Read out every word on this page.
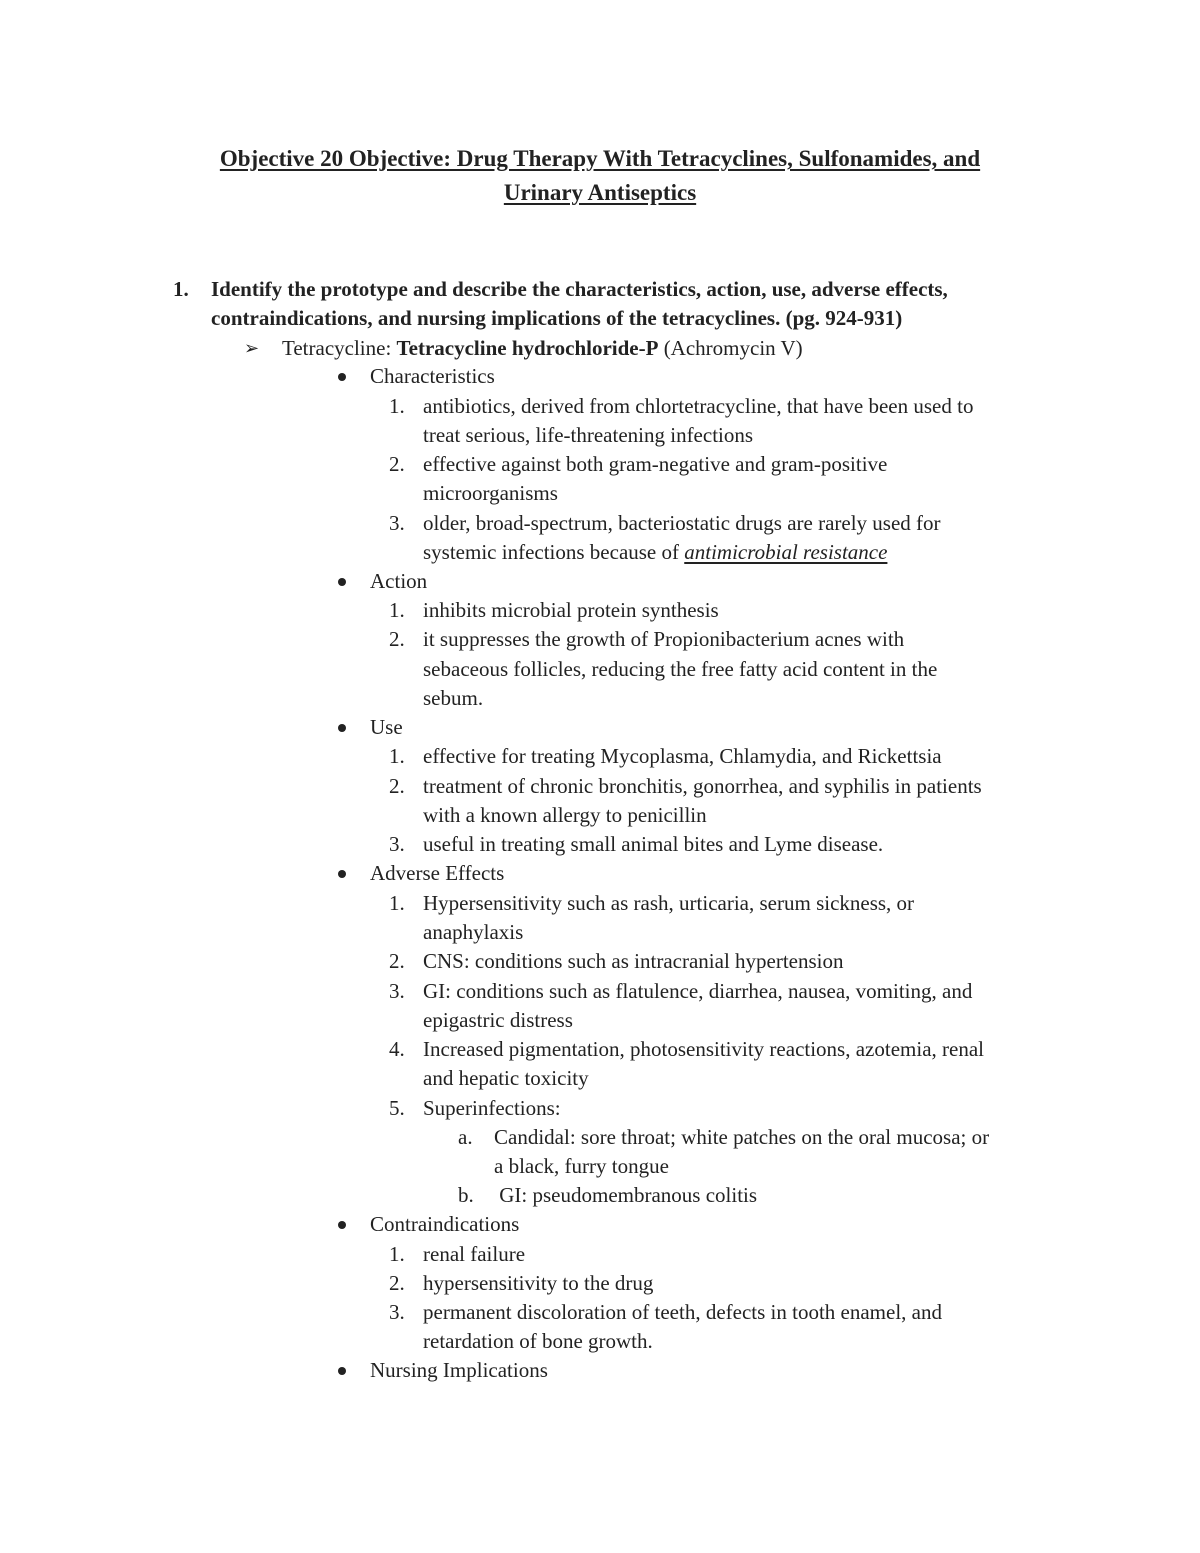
Objective 20 Objective: Drug Therapy With Tetracyclines, Sulfonamides, and
Urinary Antiseptics
1. Identify the prototype and describe the characteristics, action, use, adverse effects,
contraindications, and nursing implications of the tetracyclines. (pg. 924-931)
➢ Tetracycline: Tetracycline hydrochloride-P (Achromycin V)
Characteristics
1. antibiotics, derived from chlortetracycline, that have been used to
treat serious, life-threatening infections
2. effective against both gram-negative and gram-positive
microorganisms
3. older, broad-spectrum, bacteriostatic drugs are rarely used for
systemic infections because of antimicrobial resistance
Action
1. inhibits microbial protein synthesis
2. it suppresses the growth of Propionibacterium acnes with
sebaceous follicles, reducing the free fatty acid content in the
sebum.
Use
1. effective for treating Mycoplasma, Chlamydia, and Rickettsia
2. treatment of chronic bronchitis, gonorrhea, and syphilis in patients
with a known allergy to penicillin
3. useful in treating small animal bites and Lyme disease.
Adverse Effects
1. Hypersensitivity such as rash, urticaria, serum sickness, or
anaphylaxis
2. CNS: conditions such as intracranial hypertension
3. GI: conditions such as flatulence, diarrhea, nausea, vomiting, and
epigastric distress
4. Increased pigmentation, photosensitivity reactions, azotemia, renal
and hepatic toxicity
5. Superinfections:
a. Candidal: sore throat; white patches on the oral mucosa; or
a black, furry tongue
b. GI: pseudomembranous colitis
Contraindications
1. renal failure
2. hypersensitivity to the drug
3. permanent discoloration of teeth, defects in tooth enamel, and
retardation of bone growth.
Nursing Implications
